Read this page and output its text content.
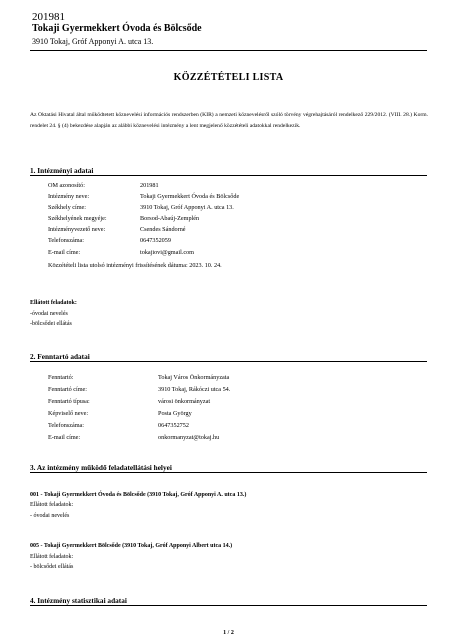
201981
Tokaji Gyermekkert Óvoda és Bölcsőde
3910 Tokaj, Gróf Apponyi A. utca 13.
KÖZZÉTÉTELI LISTA
Az Oktatási Hivatal által működtetett köznevelési információs rendszerben (KIR) a nemzeti köznevelésről szóló törvény végrehajtásáról rendelkező 229/2012. (VIII. 28.) Korm. rendelet 24. § (4) bekezdése alapján az alábbi köznevelési intézmény a lent megjelenő közzétételi adatokkal rendelkezik.
1. Intézményi adatai
OM azonosító:	201981
Intézmény neve:	Tokaji Gyermekkert Óvoda és Bölcsőde
Székhely címe:	3910 Tokaj, Gróf Apponyi A. utca 13.
Székhelyének megyéje:	Borsod-Abaúj-Zemplén
Intézményvezető neve:	Csendes Sándorné
Telefonszáma:	0647352059
E-mail címe:	tokajiovi@gmail.com
Közzétételi lista utolsó intézményi frissítésének dátuma: 2023. 10. 24.
Ellátott feladatok:
-óvodai nevelés
-bölcsődei ellátás
2. Fenntartó adatai
Fenntartó:	Tokaj Város Önkormányzata
Fenntartó címe:	3910 Tokaj, Rákóczi utca 54.
Fenntartó típusa:	városi önkormányzat
Képviselő neve:	Posta György
Telefonszáma:	0647352752
E-mail címe:	onkormanyzat@tokaj.hu
3. Az intézmény működő feladatellátási helyei
001 - Tokaji Gyermekkert Óvoda és Bölcsőde (3910 Tokaj, Gróf Apponyi A. utca 13.)
Ellátott feladatok:
- óvodai nevelés
005 - Tokaji Gyermekkert Bölcsőde (3910 Tokaj, Gróf Apponyi Albert utca 14.)
Ellátott feladatok:
- bölcsődei ellátás
4. Intézmény statisztikai adatai
1 / 2
